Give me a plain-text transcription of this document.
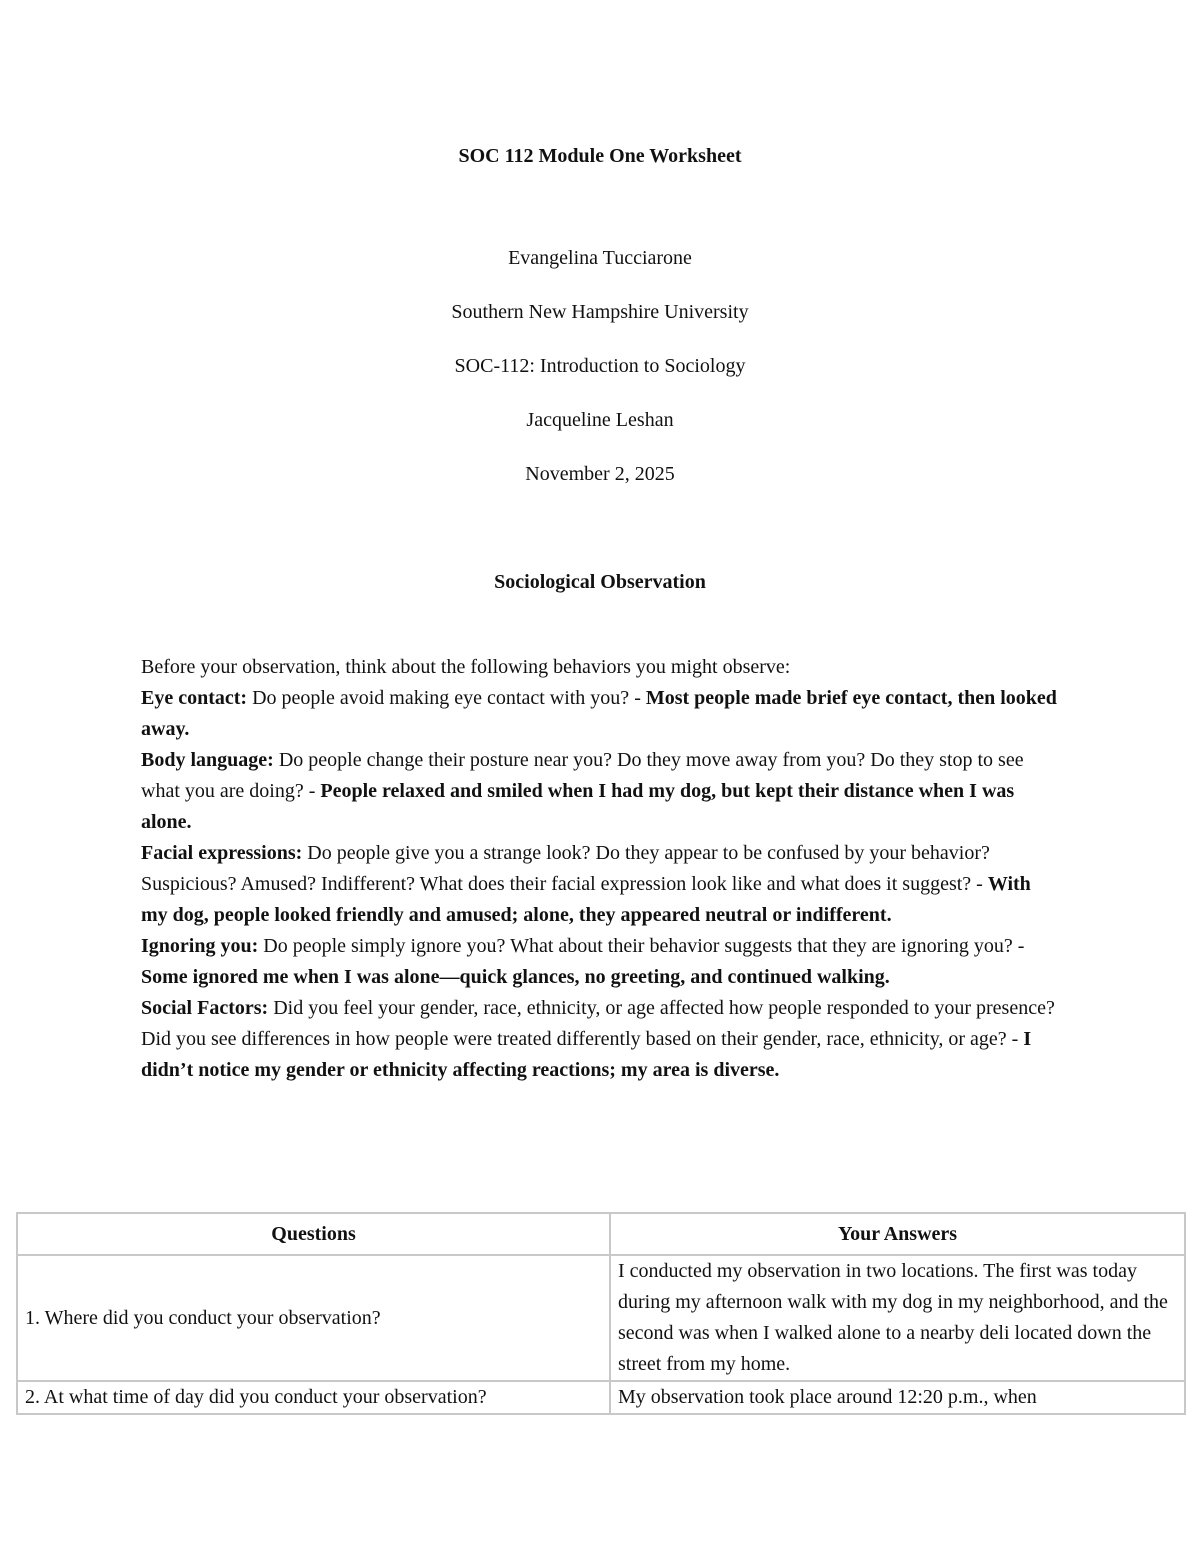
SOC 112 Module One Worksheet
Evangelina Tucciarone
Southern New Hampshire University
SOC-112: Introduction to Sociology
Jacqueline Leshan
November 2, 2025
Sociological Observation

Before your observation, think about the following behaviors you might observe:

Eye contact: Do people avoid making eye contact with you? - Most people made brief eye contact, then looked away.

Body language: Do people change their posture near you? Do they move away from you? Do they stop to see what you are doing? - People relaxed and smiled when I had my dog, but kept their distance when I was alone.

Facial expressions: Do people give you a strange look? Do they appear to be confused by your behavior? Suspicious? Amused? Indifferent? What does their facial expression look like and what does it suggest? - With my dog, people looked friendly and amused; alone, they appeared neutral or indifferent.

Ignoring you: Do people simply ignore you? What about their behavior suggests that they are ignoring you? - Some ignored me when I was alone—quick glances, no greeting, and continued walking.

Social Factors: Did you feel your gender, race, ethnicity, or age affected how people responded to your presence? Did you see differences in how people were treated differently based on their gender, race, ethnicity, or age? - I didn’t notice my gender or ethnicity affecting reactions; my area is diverse.

Questions	Your Answers
1. Where did you conduct your observation?	I conducted my observation in two locations. The first was today during my afternoon walk with my dog in my neighborhood, and the second was when I walked alone to a nearby deli located down the street from my home.
2. At what time of day did you conduct your observation?	My observation took place around 12:20 p.m., when
